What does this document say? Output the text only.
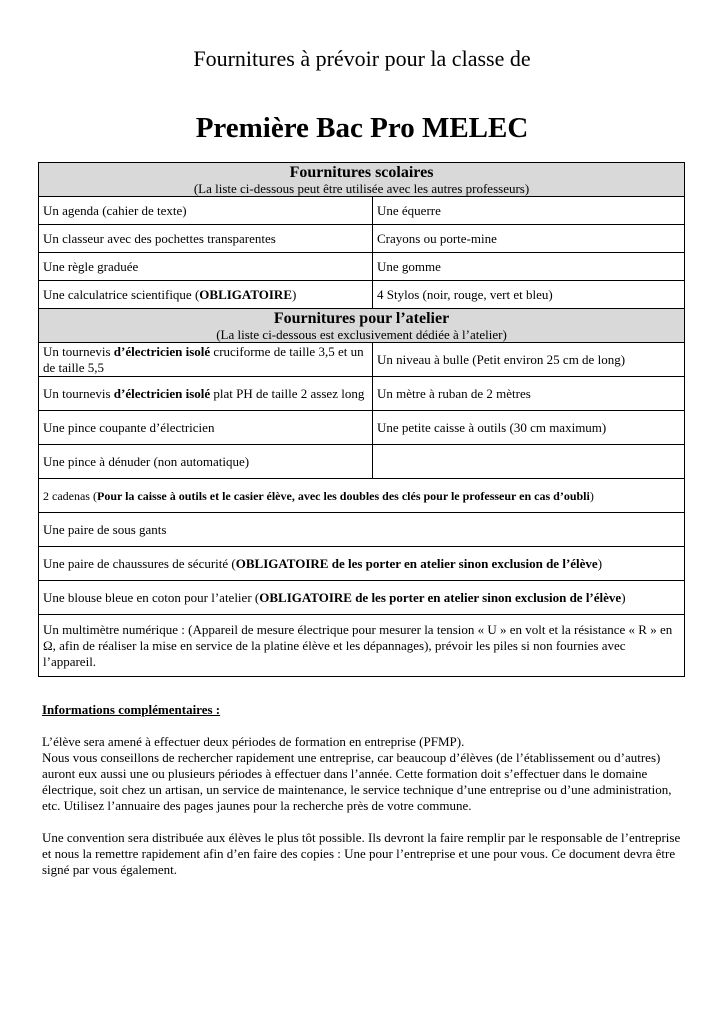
Fournitures à prévoir pour la classe de
Première Bac Pro MELEC
Fournitures scolaires
(La liste ci-dessous peut être utilisée avec les autres professeurs)	

Un agenda (cahier de texte)	Une équerre
Un classeur avec des pochettes transparentes	Crayons ou porte-mine
Une règle graduée	Une gomme
Une calculatrice scientifique (OBLIGATOIRE)	4 Stylos (noir, rouge, vert et bleu)

Fournitures pour l’atelier
(La liste ci-dessous est exclusivement dédiée à l’atelier)	

Un tournevis d’électricien isolé cruciforme de taille 3,5 et un de taille 5,5	Un niveau à bulle (Petit environ 25 cm de long)
Un tournevis d’électricien isolé plat PH de taille 2 assez long	Un mètre à ruban de 2 mètres
Une pince coupante d’électricien	Une petite caisse à outils (30 cm maximum)
Une pince à dénuder (non automatique)	
2 cadenas (Pour la caisse à outils et le casier élève, avec les doubles des clés pour le professeur en cas d’oubli)	
Une paire de sous gants	
Une paire de chaussures de sécurité (OBLIGATOIRE de les porter en atelier sinon exclusion de l’élève)	
Une blouse bleue en coton pour l’atelier (OBLIGATOIRE de les porter en atelier sinon exclusion de l’élève)	
Un multimètre numérique : (Appareil de mesure électrique pour mesurer la tension « U » en volt et la résistance « R » en Ω, afin de réaliser la mise en service de la platine élève et les dépannages), prévoir les piles si non fournies avec l’appareil.	

Informations complémentaires :

L’élève sera amené à effectuer deux périodes de formation en entreprise (PFMP).

Nous vous conseillons de rechercher rapidement une entreprise, car beaucoup d’élèves (de l’établissement ou d’autres) auront eux aussi une ou plusieurs périodes à effectuer dans l’année. Cette formation doit s’effectuer dans le domaine électrique, soit chez un artisan, un service de maintenance, le service technique d’une entreprise ou d’une administration, etc. Utilisez l’annuaire des pages jaunes pour la recherche près de votre commune.

Une convention sera distribuée aux élèves le plus tôt possible. Ils devront la faire remplir par le responsable de l’entreprise et nous la remettre rapidement afin d’en faire des copies : Une pour l’entreprise et une pour vous. Ce document devra être signé par vous également.
